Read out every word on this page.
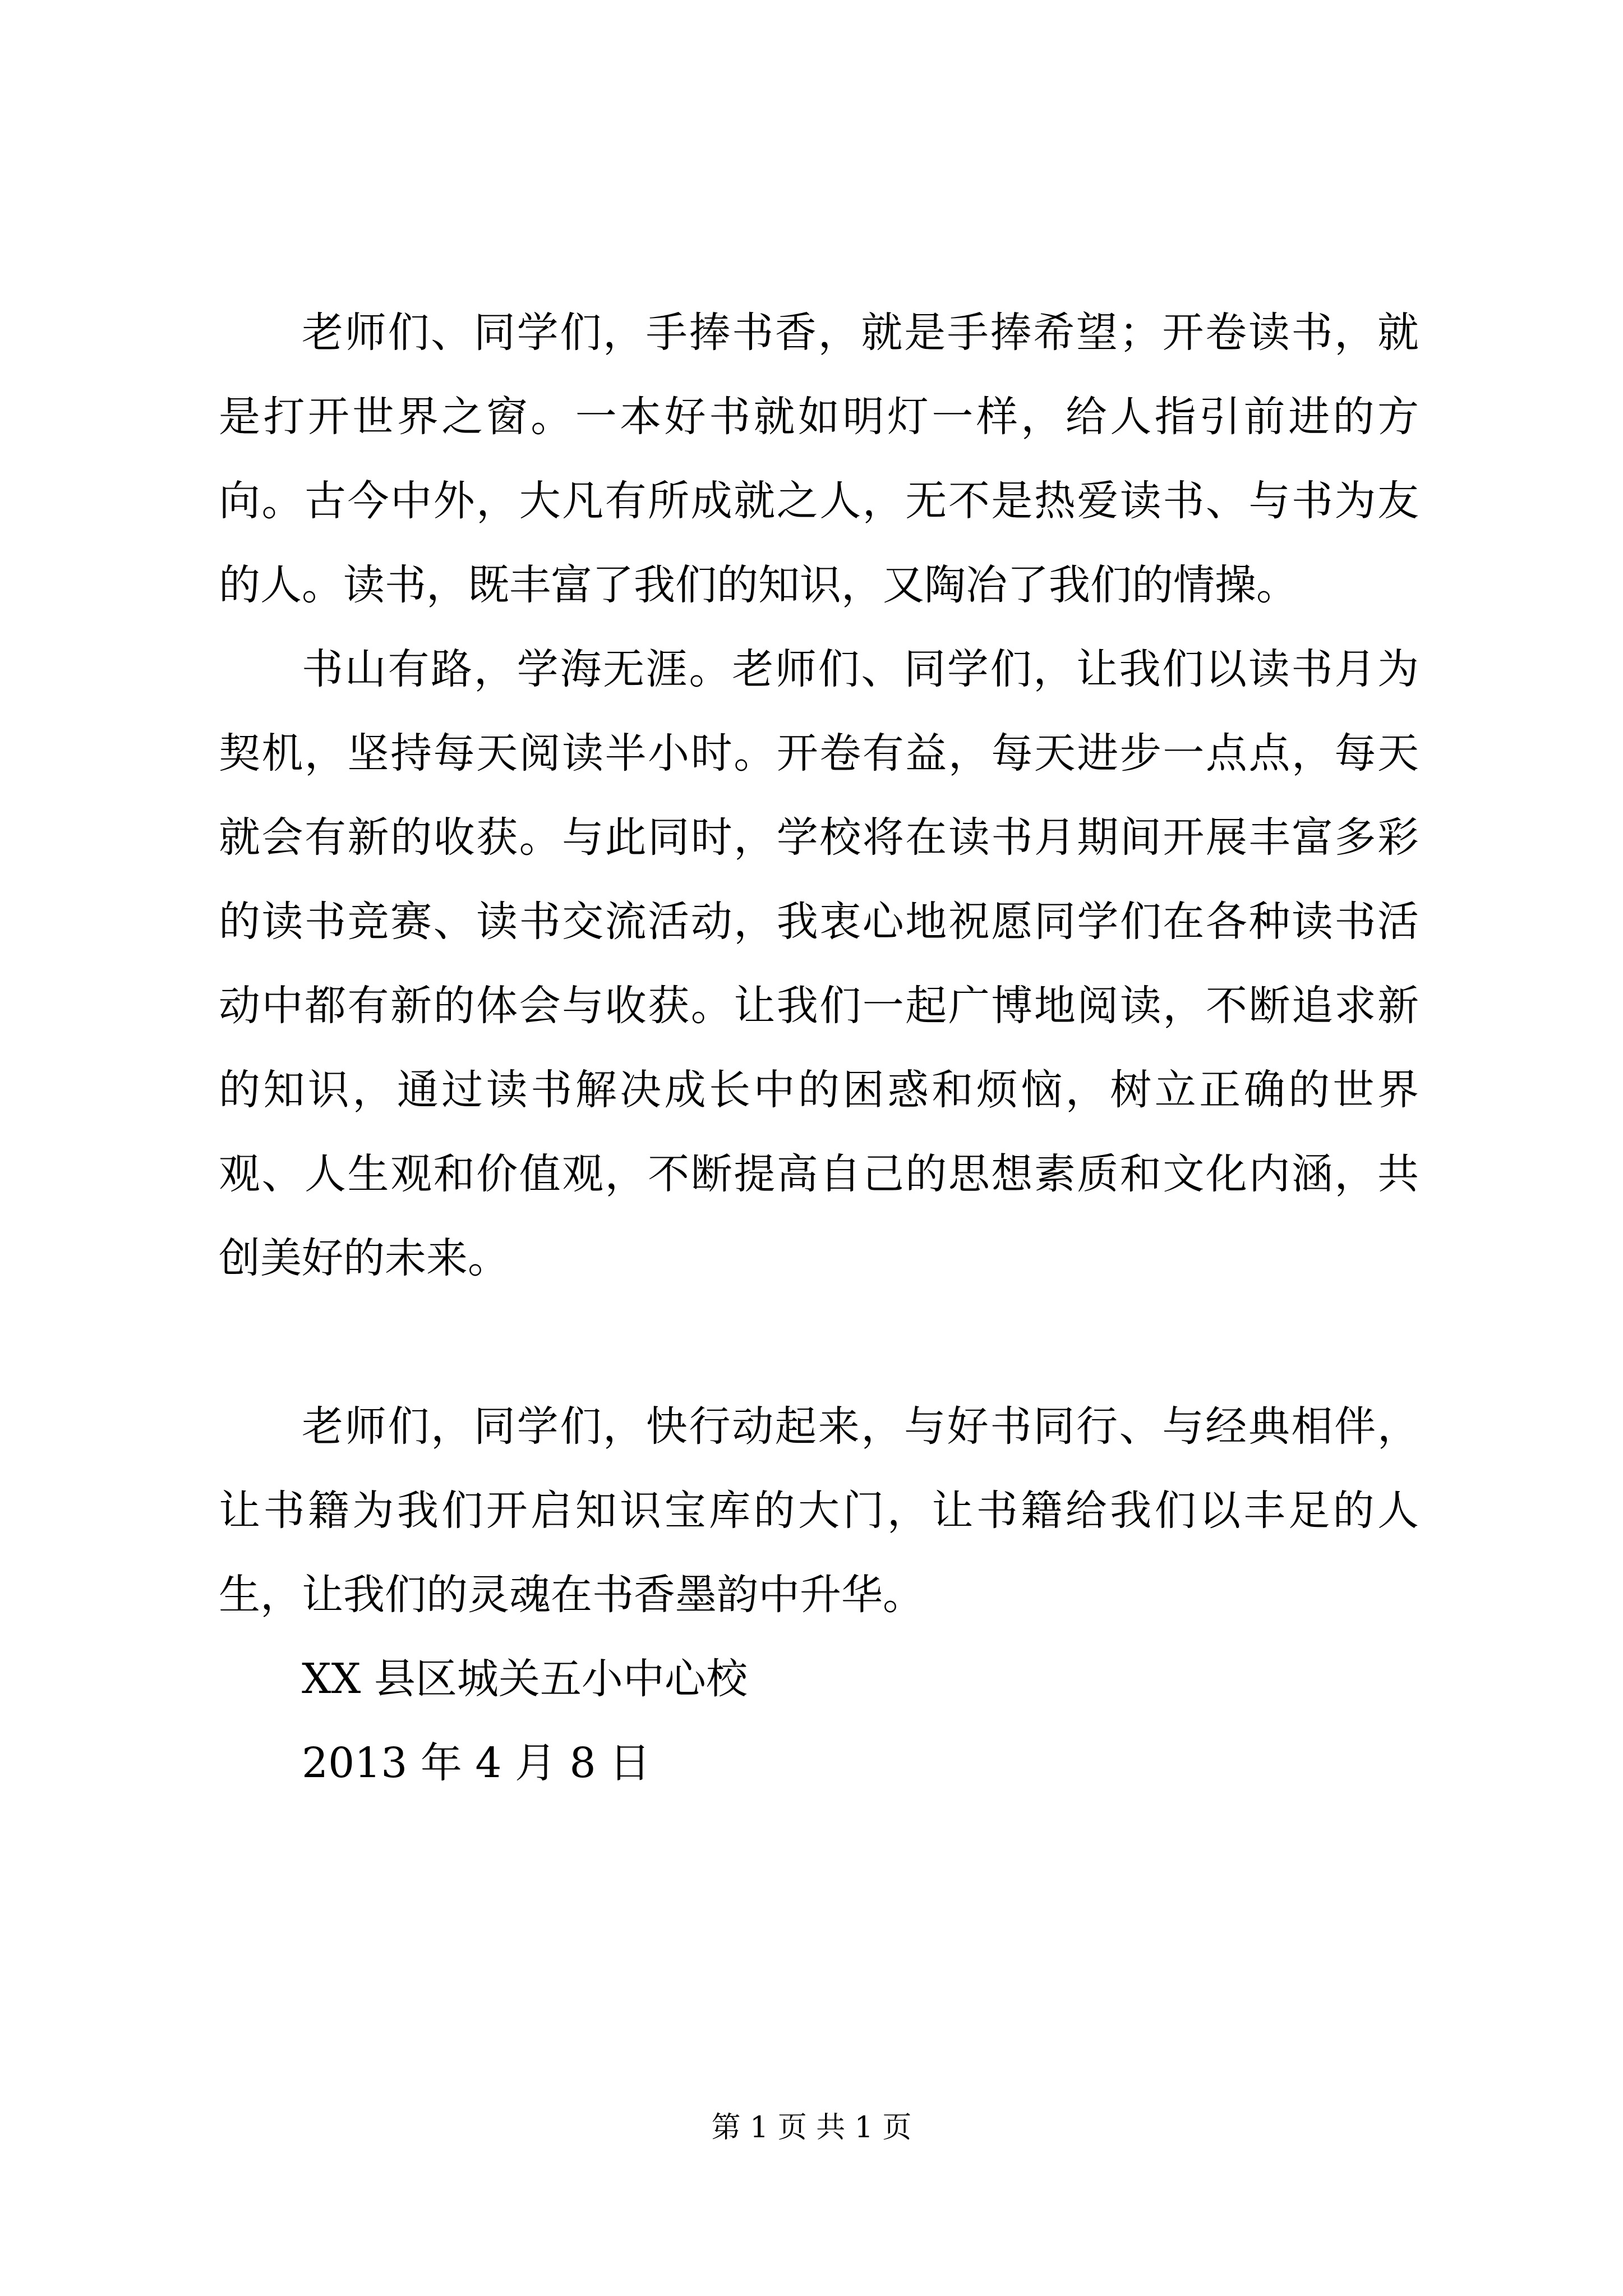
老师们、同学们，手捧书香，就是手捧希望；开卷读书，就是打开世界之窗。一本好书就如明灯一样，给人指引前进的方向。古今中外，大凡有所成就之人，无不是热爱读书、与书为友的人。读书，既丰富了我们的知识，又陶冶了我们的情操。

书山有路，学海无涯。老师们、同学们，让我们以读书月为契机，坚持每天阅读半小时。开卷有益，每天进步一点点，每天就会有新的收获。与此同时，学校将在读书月期间开展丰富多彩的读书竞赛、读书交流活动，我衷心地祝愿同学们在各种读书活动中都有新的体会与收获。让我们一起广博地阅读，不断追求新的知识，通过读书解决成长中的困惑和烦恼，树立正确的世界观、人生观和价值观，不断提高自己的思想素质和文化内涵，共创美好的未来。

老师们，同学们，快行动起来，与好书同行、与经典相伴，让书籍为我们开启知识宝库的大门，让书籍给我们以丰足的人生，让我们的灵魂在书香墨韵中升华。

XX 县区城关五小中心校

2013 年 4 月 8 日

第 1 页 共 1 页
